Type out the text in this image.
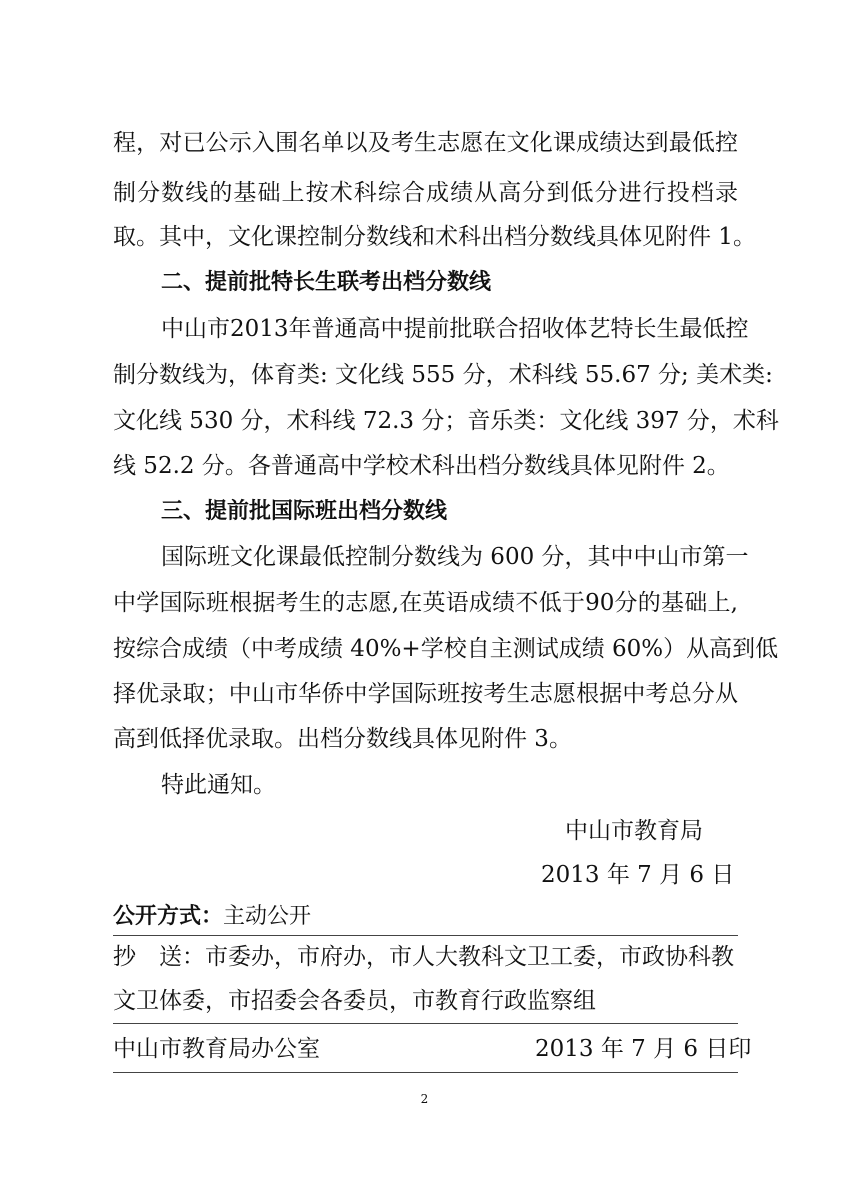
程，对已公示入围名单以及考生志愿在文化课成绩达到最低控
制分数线的基础上按术科综合成绩从高分到低分进行投档录
取。其中，文化课控制分数线和术科出档分数线具体见附件 1。
二、提前批特长生联考出档分数线
中山市2013年普通高中提前批联合招收体艺特长生最低控
制分数线为，体育类: 文化线 555 分，术科线 55.67 分; 美术类:
文化线 530 分，术科线 72.3 分；音乐类：文化线 397 分，术科
线 52.2 分。各普通高中学校术科出档分数线具体见附件 2。
三、提前批国际班出档分数线
国际班文化课最低控制分数线为 600 分，其中中山市第一
中学国际班根据考生的志愿,在英语成绩不低于90分的基础上,
按综合成绩（中考成绩 40%+学校自主测试成绩 60%）从高到低
择优录取；中山市华侨中学国际班按考生志愿根据中考总分从
高到低择优录取。出档分数线具体见附件 3。
特此通知。
中山市教育局
2013 年 7 月 6 日
公开方式：主动公开
抄　送：市委办，市府办，市人大教科文卫工委，市政协科教
文卫体委，市招委会各委员，市教育行政监察组
中山市教育局办公室	2013 年 7 月 6 日印
2
